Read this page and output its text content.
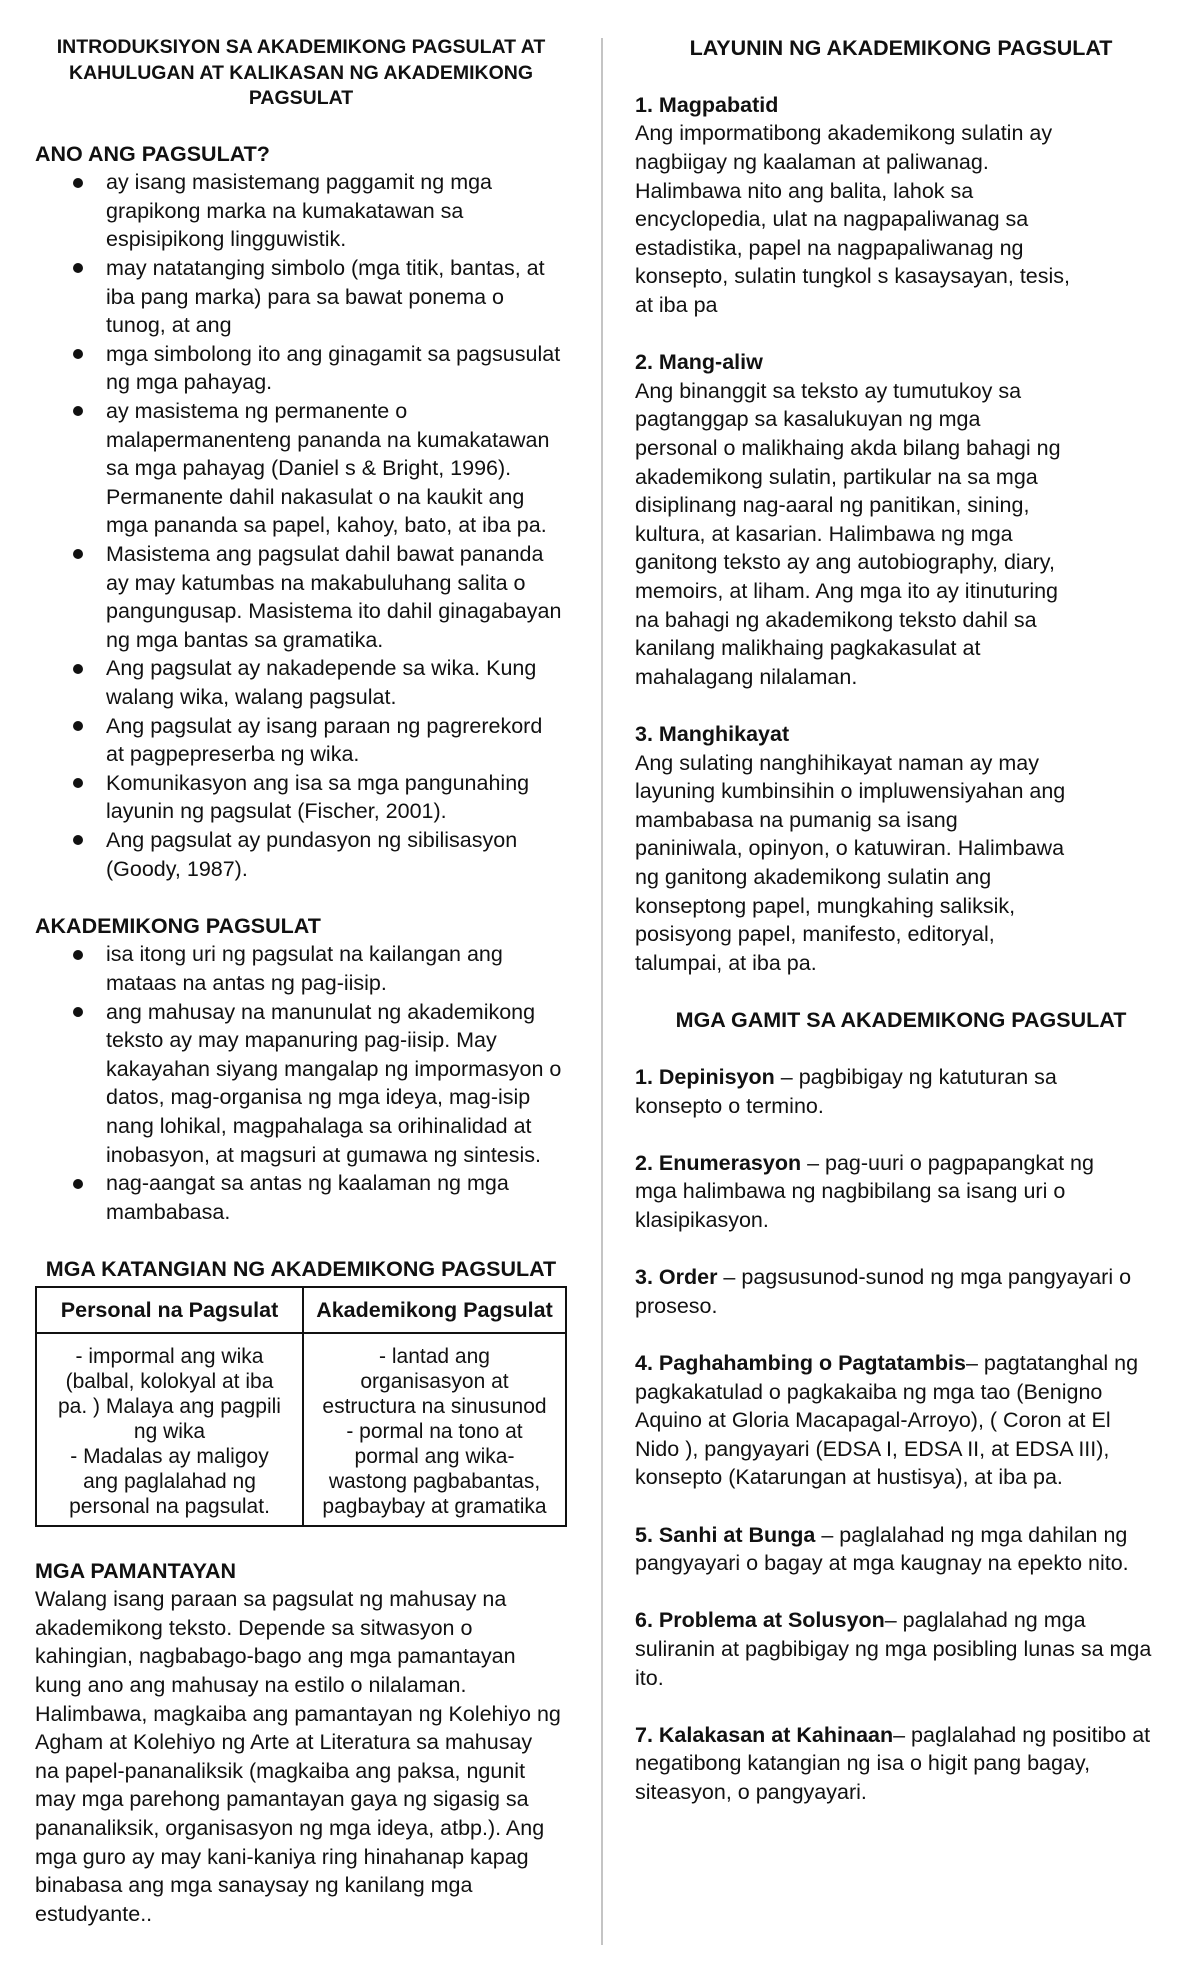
INTRODUKSIYON SA AKADEMIKONG PAGSULAT AT
KAHULUGAN AT KALIKASAN NG AKADEMIKONG
PAGSULAT
ANO ANG PAGSULAT?
ay isang masistemang paggamit ng mga
grapikong marka na kumakatawan sa
espisipikong lingguwistik.
may natatanging simbolo (mga titik, bantas, at
iba pang marka) para sa bawat ponema o
tunog, at ang
mga simbolong ito ang ginagamit sa pagsusulat
ng mga pahayag.
ay masistema ng permanente o
malapermanenteng pananda na kumakatawan
sa mga pahayag (Daniel s & Bright, 1996).
Permanente dahil nakasulat o na kaukit ang
mga pananda sa papel, kahoy, bato, at iba pa.
Masistema ang pagsulat dahil bawat pananda
ay may katumbas na makabuluhang salita o
pangungusap. Masistema ito dahil ginagabayan
ng mga bantas sa gramatika.
Ang pagsulat ay nakadepende sa wika. Kung
walang wika, walang pagsulat.
Ang pagsulat ay isang paraan ng pagrerekord
at pagpepreserba ng wika.
Komunikasyon ang isa sa mga pangunahing
layunin ng pagsulat (Fischer, 2001).
Ang pagsulat ay pundasyon ng sibilisasyon
(Goody, 1987).
AKADEMIKONG PAGSULAT
isa itong uri ng pagsulat na kailangan ang
mataas na antas ng pag-iisip.
ang mahusay na manunulat ng akademikong
teksto ay may mapanuring pag-iisip. May
kakayahan siyang mangalap ng impormasyon o
datos, mag-organisa ng mga ideya, mag-isip
nang lohikal, magpahalaga sa orihinalidad at
inobasyon, at magsuri at gumawa ng sintesis.
nag-aangat sa antas ng kaalaman ng mga
mambabasa.
MGA KATANGIAN NG AKADEMIKONG PAGSULAT
Personal na Pagsulat	Akademikong Pagsulat
- impormal ang wika
(balbal, kolokyal at iba
pa. ) Malaya ang pagpili
ng wika
- Madalas ay maligoy
ang paglalahad ng
personal na pagsulat.
- lantad ang
organisasyon at
estructura na sinusunod
- pormal na tono at
pormal ang wika-
wastong pagbabantas,
pagbaybay at gramatika
MGA PAMANTAYAN
Walang isang paraan sa pagsulat ng mahusay na
akademikong teksto. Depende sa sitwasyon o
kahingian, nagbabago-bago ang mga pamantayan
kung ano ang mahusay na estilo o nilalaman.
Halimbawa, magkaiba ang pamantayan ng Kolehiyo ng
Agham at Kolehiyo ng Arte at Literatura sa mahusay
na papel-pananaliksik (magkaiba ang paksa, ngunit
may mga parehong pamantayan gaya ng sigasig sa
pananaliksik, organisasyon ng mga ideya, atbp.). Ang
mga guro ay may kani-kaniya ring hinahanap kapag
binabasa ang mga sanaysay ng kanilang mga
estudyante..
LAYUNIN NG AKADEMIKONG PAGSULAT
1. Magpabatid
Ang impormatibong akademikong sulatin ay
nagbiigay ng kaalaman at paliwanag.
Halimbawa nito ang balita, lahok sa
encyclopedia, ulat na nagpapaliwanag sa
estadistika, papel na nagpapaliwanag ng
konsepto, sulatin tungkol s kasaysayan, tesis,
at iba pa
2. Mang-aliw
Ang binanggit sa teksto ay tumutukoy sa
pagtanggap sa kasalukuyan ng mga
personal o malikhaing akda bilang bahagi ng
akademikong sulatin, partikular na sa mga
disiplinang nag-aaral ng panitikan, sining,
kultura, at kasarian. Halimbawa ng mga
ganitong teksto ay ang autobiography, diary,
memoirs, at liham. Ang mga ito ay itinuturing
na bahagi ng akademikong teksto dahil sa
kanilang malikhaing pagkakasulat at
mahalagang nilalaman.
3. Manghikayat
Ang sulating nanghihikayat naman ay may
layuning kumbinsihin o impluwensiyahan ang
mambabasa na pumanig sa isang
paniniwala, opinyon, o katuwiran. Halimbawa
ng ganitong akademikong sulatin ang
konseptong papel, mungkahing saliksik,
posisyong papel, manifesto, editoryal,
talumpai, at iba pa.
MGA GAMIT SA AKADEMIKONG PAGSULAT
1. Depinisyon – pagbibigay ng katuturan sa
konsepto o termino.
2. Enumerasyon – pag-uuri o pagpapangkat ng
mga halimbawa ng nagbibilang sa isang uri o
klasipikasyon.
3. Order – pagsusunod-sunod ng mga pangyayari o
proseso.
4. Paghahambing o Pagtatambis– pagtatanghal ng
pagkakatulad o pagkakaiba ng mga tao (Benigno
Aquino at Gloria Macapagal-Arroyo), ( Coron at El
Nido ), pangyayari (EDSA I, EDSA II, at EDSA III),
konsepto (Katarungan at hustisya), at iba pa.
5. Sanhi at Bunga – paglalahad ng mga dahilan ng
pangyayari o bagay at mga kaugnay na epekto nito.
6. Problema at Solusyon– paglalahad ng mga
suliranin at pagbibigay ng mga posibling lunas sa mga
ito.
7. Kalakasan at Kahinaan– paglalahad ng positibo at
negatibong katangian ng isa o higit pang bagay,
siteasyon, o pangyayari.
